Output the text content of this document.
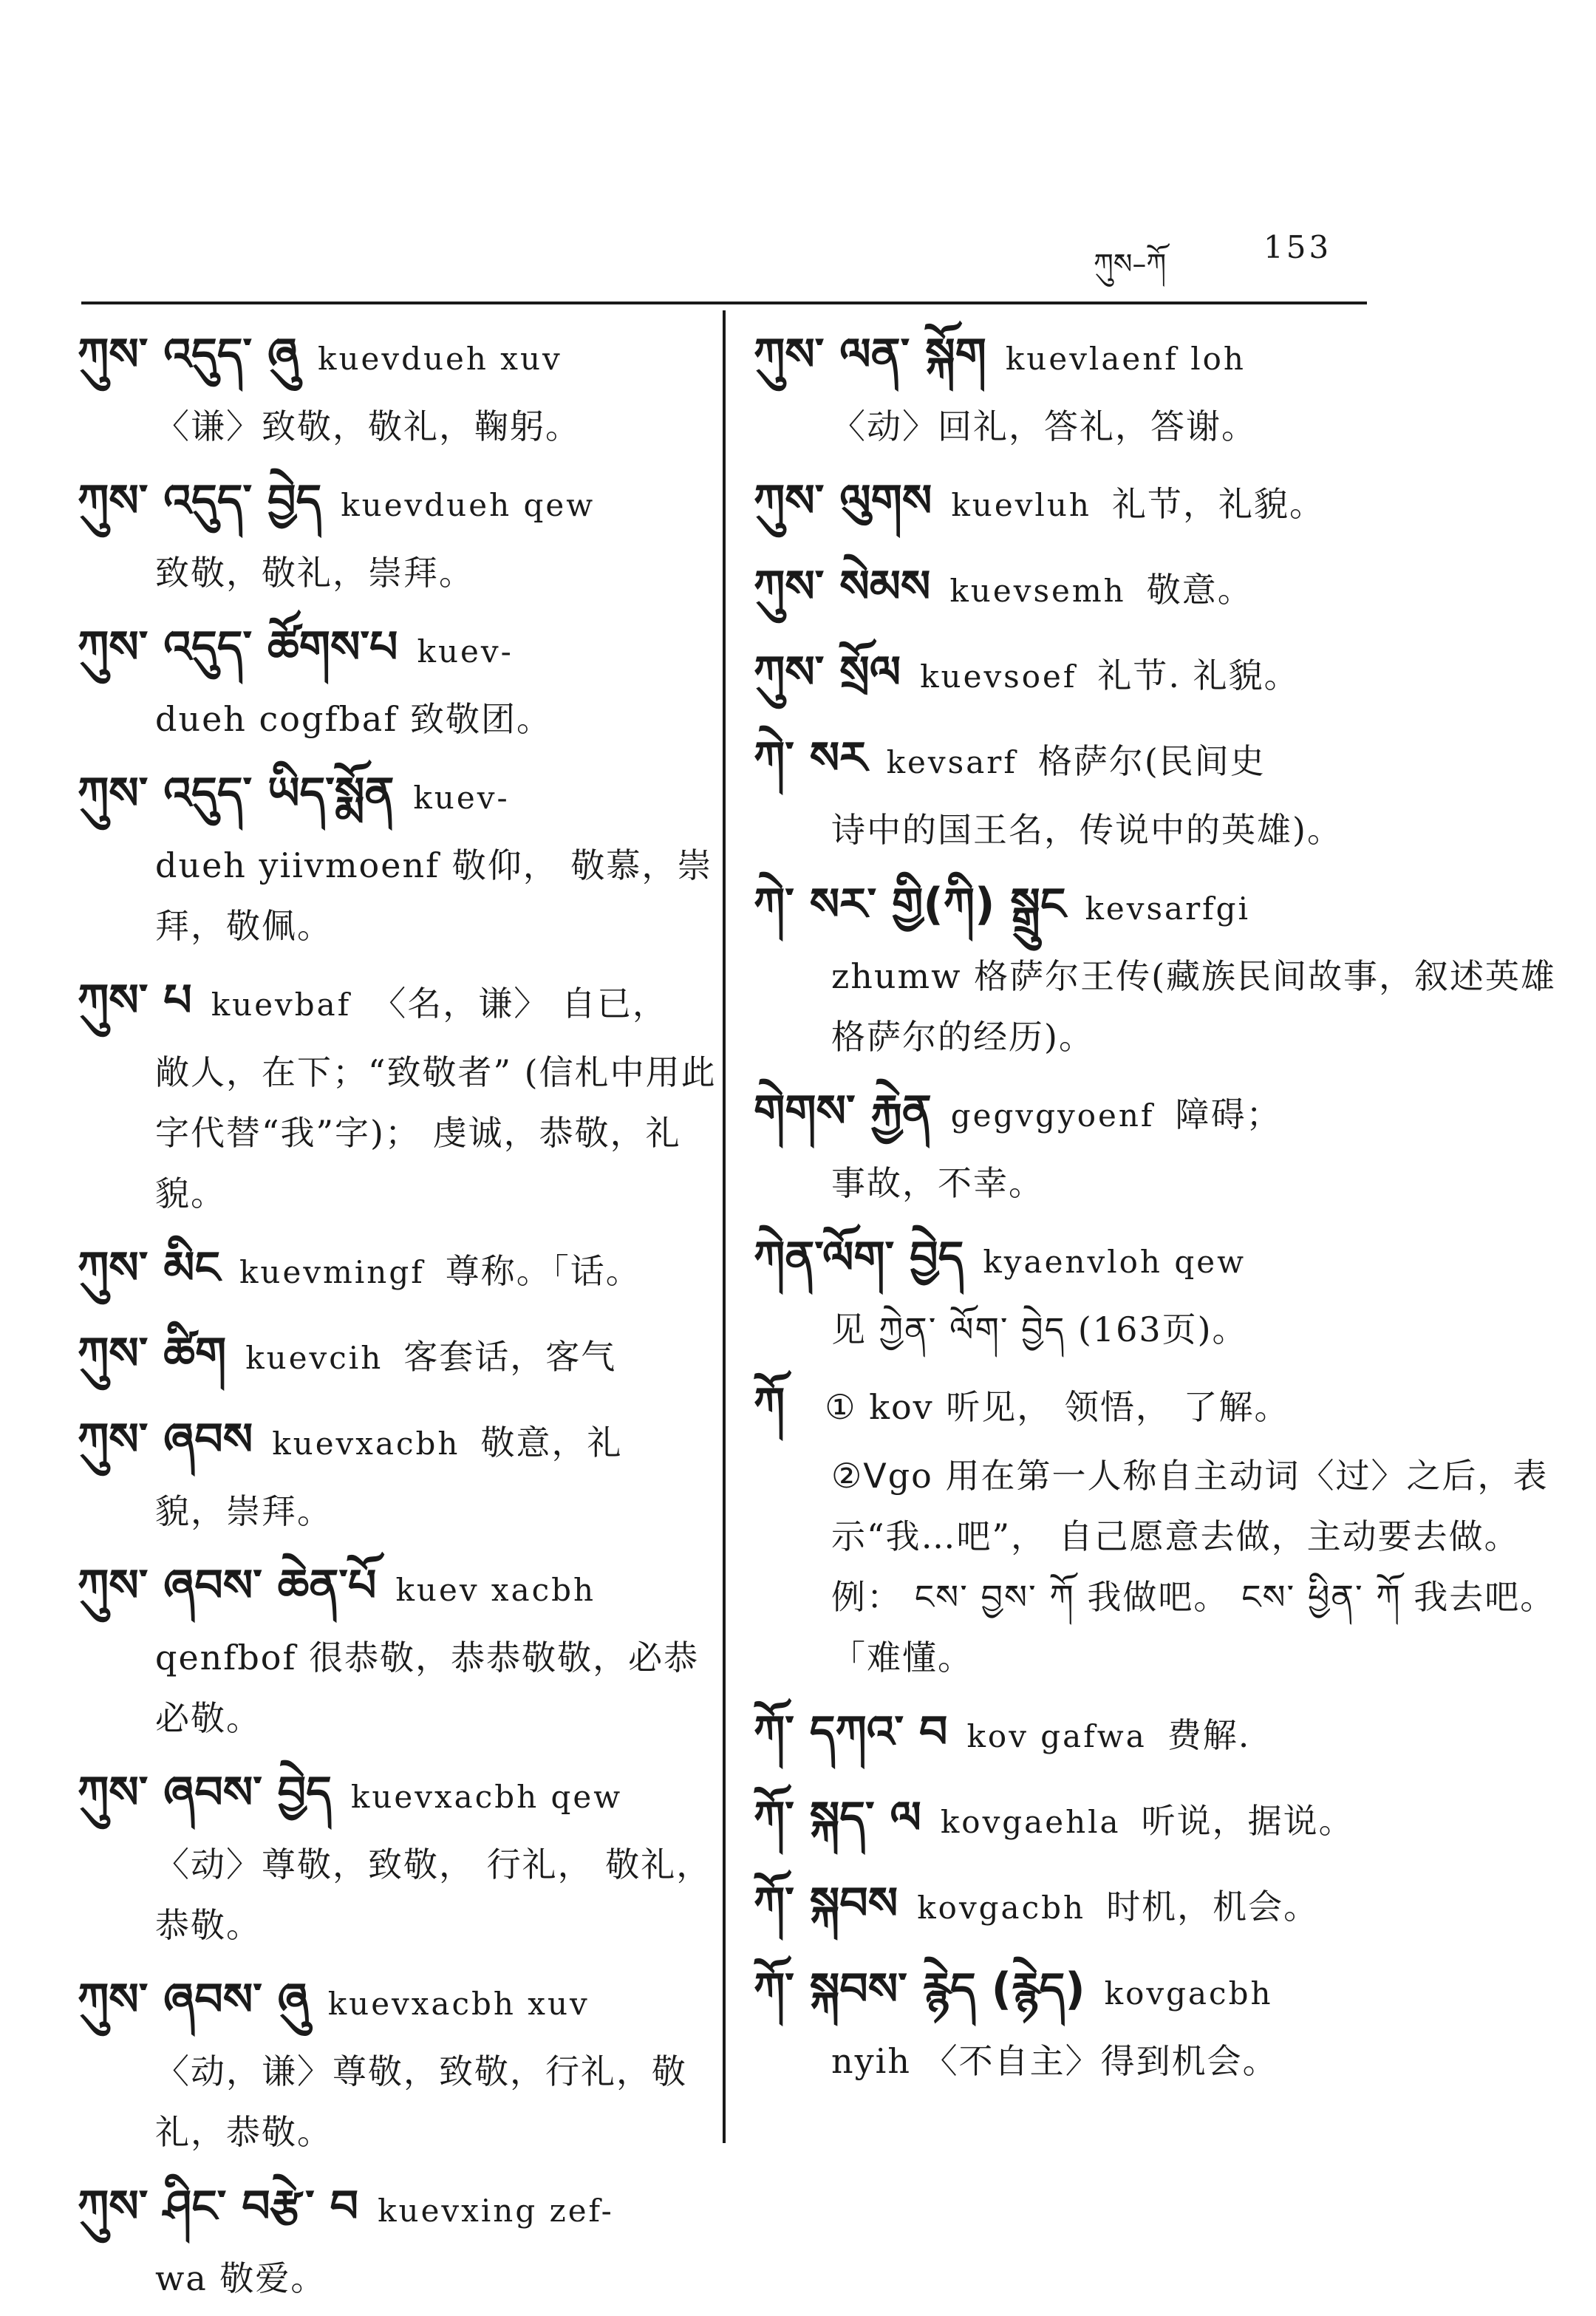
ཀུས–ཀོ	153
ཀུས་ འདུད་ ཞུ kuevdueh xuv
〈谦〉致敬，敬礼，鞠躬。
ཀུས་ འདུད་ བྱེད kuevdueh qew
致敬，敬礼，崇拜。
ཀུས་ འདུད་ ཚོགས་པ kuev-
dueh cogfbaf 致敬团。
ཀུས་ འདུད་ ཡིད་སྨོན kuev-
dueh yiivmoenf 敬仰， 敬慕，崇拜，敬佩。
ཀུས་ པ kuevbaf 〈名，谦〉 自已，
敞人，在下；“致敬者” (信札中用此字代替“我”字)； 虔诚，恭敬，礼貌。
ཀུས་ མིང kuevmingf 尊称。「话。
ཀུས་ ཚིག kuevcih 客套话，客气
ཀུས་ ཞབས kuevxacbh 敬意，礼
貌，崇拜。
ཀུས་ ཞབས་ ཆེན་པོ kuev xacbh
qenfbof 很恭敬，恭恭敬敬，必恭必敬。
ཀུས་ ཞབས་ བྱེད kuevxacbh qew
〈动〉尊敬，致敬， 行礼， 敬礼，恭敬。
ཀུས་ ཞབས་ ཞུ kuevxacbh xuv
〈动，谦〉尊敬，致敬，行礼，敬礼，恭敬。
ཀུས་ ཤིང་ བརྩེ་ བ kuevxing zef-
wa 敬爱。
ཀུས་ ལན་ སྐོག kuevlaenf loh
〈动〉回礼，答礼，答谢。
ཀུས་ ལུགས kuevluh 礼节，礼貌。
ཀུས་ སེམས kuevsemh 敬意。
ཀུས་ སྲོལ kuevsoef 礼节. 礼貌。
ཀེ་ སར kevsarf 格萨尔(民间史
诗中的国王名，传说中的英雄)。
ཀེ་ སར་ གྱི(ཀི) སྒྲུང kevsarfgi
zhumw 格萨尔王传(藏族民间故事，叙述英雄格萨尔的经历)。
གེགས་ རྐྱེན gegvgyoenf 障碍；
事故，不幸。
ཀེན་ལོག་ བྱེད kyaenvloh qew
见 ཀྱེན་ ལོག་ བྱེད (163页)。
ཀོ ① kov 听见， 领悟， 了解。
②ᐯgo 用在第一人称自主动词〈过〉之后，表示“我…吧”， 自己愿意去做，主动要去做。例： ངས་ བྱས་ ཀོ 我做吧。 ངས་ ཕྱིན་ ཀོ 我去吧。 「难懂。
ཀོ་ དཀའ་ བ kov gafwa 费解.
ཀོ་ སྐད་ ལ kovgaehla 听说，据说。
ཀོ་ སྐབས kovgacbh 时机，机会。
ཀོ་ སྐབས་ རྙེད (རྙེད) kovgacbh
nyih 〈不自主〉得到机会。
